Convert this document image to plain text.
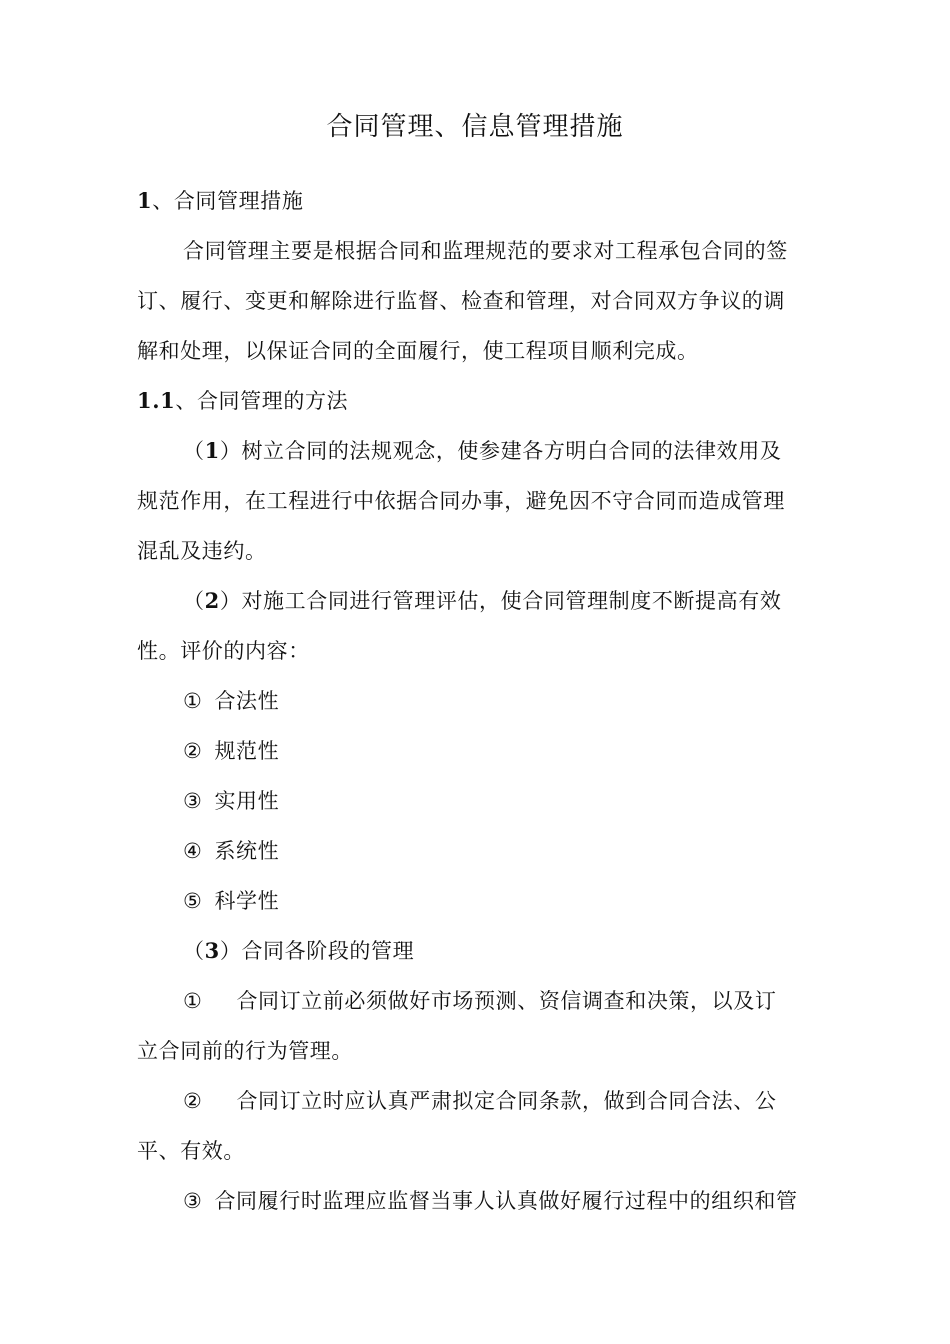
合同管理、信息管理措施
1、合同管理措施
合同管理主要是根据合同和监理规范的要求对工程承包合同的签
订、履行、变更和解除进行监督、检查和管理，对合同双方争议的调
解和处理，以保证合同的全面履行，使工程项目顺利完成。
1.1、合同管理的方法
（1）树立合同的法规观念，使参建各方明白合同的法律效用及
规范作用，在工程进行中依据合同办事，避免因不守合同而造成管理
混乱及违约。
（2）对施工合同进行管理评估，使合同管理制度不断提高有效
性。评价的内容：
① 合法性
② 规范性
③ 实用性
④ 系统性
⑤ 科学性
（3）合同各阶段的管理
① 合同订立前必须做好市场预测、资信调查和决策，以及订
立合同前的行为管理。
② 合同订立时应认真严肃拟定合同条款，做到合同合法、公
平、有效。
③ 合同履行时监理应监督当事人认真做好履行过程中的组织和管
